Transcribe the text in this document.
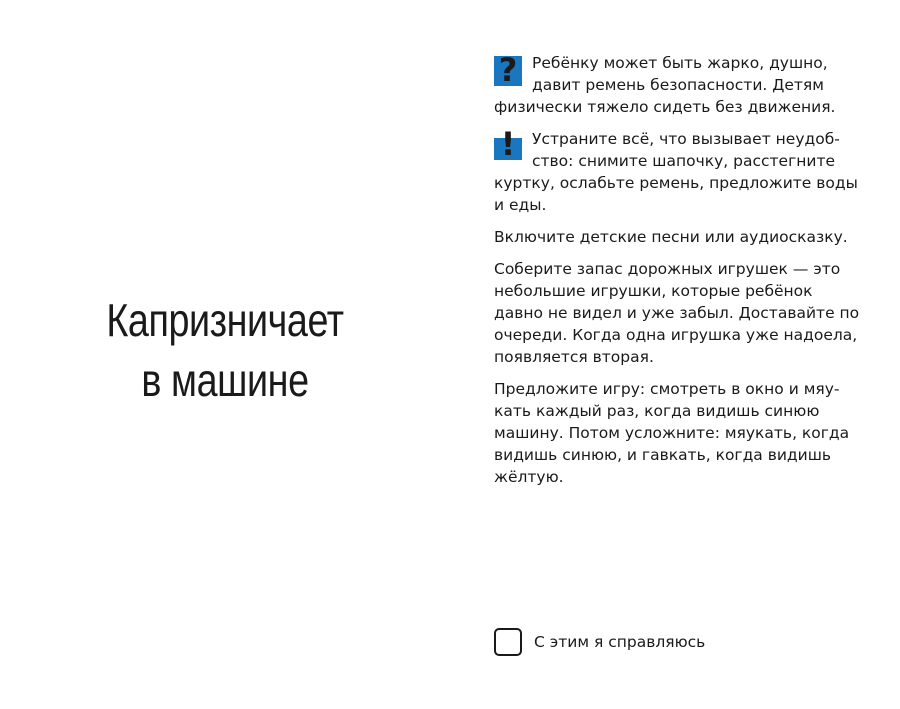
Капризничает
в машине

? Ребёнку может быть жарко, душно, давит ремень безопасности. Детям физически тяжело сидеть без движения.

!	Устраните всё, что вызывает неудобство: снимите шапочку, расстегните куртку, ослабьте ремень, предложите воды и еды.

Включите детские песни или аудиосказку.

Соберите запас дорожных игрушек — это небольшие игрушки, которые ребёнок давно не видел и уже забыл. Доставайте по очереди. Когда одна игрушка уже надоела, появляется вторая.

Предложите игру: смотреть в окно и мяукать каждый раз, когда видишь синюю машину. Потом усложните: мяукать, когда видишь синюю, и гавкать, когда видишь жёлтую.

С этим я справляюсь
